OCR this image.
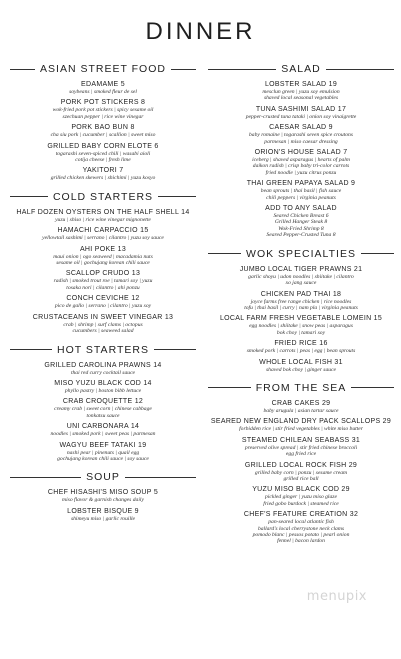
DINNER
ASIAN STREET FOOD
EDAMAME 5
soybeans | smoked fleur de sel
PORK POT STICKERS 8
wok-fried pork pot stickers | spicy sesame oil
szechuan pepper | rice wine vinegar
PORK BAO BUN 8
cha siu pork | cucumber | scallion | sweet miso
GRILLED BABY CORN ELOTE 6
togarashi seven-spiced chili | wasabi aioli
cotija cheese | fresh lime
YAKITORI 7
grilled chicken skewers | shichimi | yuzu kosyo
COLD STARTERS
HALF DOZEN OYSTERS ON THE HALF SHELL 14
yuzu | shiso | rice wine vinegar mignonette
HAMACHI CARPACCIO 15
yellowtail sashimi | serrano | cilantro | yuzu soy sauce
AHI POKE 13
maui onion | ogo seaweed | macadamia nuts
sesame oil | gochujang korean chili sauce
SCALLOP CRUDO 13
radish | smoked trout roe | tamari soy | yuzu
tosaka nori | cilantro | ahi ponzu
CONCH CEVICHE 12
pico de gallo | serrano | cilantro | yuzu soy
CRUSTACEANS IN SWEET VINEGAR 13
crab | shrimp | surf clams | octopus
cucumbers | seaweed salad
HOT STARTERS
GRILLED CAROLINA PRAWNS 14
thai red curry cocktail sauce
MISO YUZU BLACK COD 14
phyllo pastry | boston bibb lettuce
CRAB CROQUETTE 12
creamy crab | sweet corn | chinese cabbage
tonkatsu sauce
UNI CARBONARA 14
noodles | smoked pork | sweet peas | parmesan
WAGYU BEEF TATAKI 19
nashi pear | pinenuts | quail egg
gochujang korean chili sauce | soy sauce
SOUP
CHEF HISASHI'S MISO SOUP 5
miso flavor & garnish changes daily
LOBSTER BISQUE 9
shimeyu miso | garlic rouille
SALAD
LOBSTER SALAD 19
mesclun green | yuzu soy emulsion
shaved local seasonal vegetables
TUNA SASHIMI SALAD 17
pepper-crusted tuna tataki | onion soy vinaigrette
CAESAR SALAD 9
baby romaine | togarashi seven spice croutons
parmesan | miso caesar dressing
ORION'S HOUSE SALAD 7
iceberg | shaved asparagus | hearts of palm
daikon radish | crisp baby tri-color carrots
fried noodle | yuzu citrus ponzu
THAI GREEN PAPAYA SALAD 9
bean sprouts | thai basil | fish sauce
chili peppers | virginia peanuts
ADD TO ANY SALAD
Seared Chicken Breast 6
Grilled Hanger Steak 8
Wok-Fried Shrimp 8
Seared Pepper-Crusted Tuna 8
WOK SPECIALTIES
JUMBO LOCAL TIGER PRAWNS 21
garlic shoyu | udon noodles | shiitake | cilantro
xo jang sauce
CHICKEN PAD THAI 18
joyce farms free range chicken | rice noodles
tofu | thai basil | curry | nam pla | virginia peanuts
LOCAL FARM FRESH VEGETABLE LOMEIN 15
egg noodles | shiitake | snow peas | asparagus
bok choy | tamari soy
FRIED RICE 16
smoked pork | carrots | peas | egg | bean sprouts
WHOLE LOCAL FISH 31
shaved bok choy | ginger sauce
FROM THE SEA
CRAB CAKES 29
baby arugula | asian tartar sauce
SEARED NEW ENGLAND DRY PACK SCALLOPS 29
forbidden rice | stir fried vegetables | white miso butter
STEAMED CHILEAN SEABASS 31
preserved olive spread | stir fried chinese broccoli
egg fried rice
GRILLED LOCAL ROCK FISH 29
grilled baby corn | ponzu | sesame cream
grilled rice ball
YUZU MISO BLACK COD 29
pickled ginger | yuzu miso glaze
fried gobo burdock | steamed rice
CHEF'S FEATURE CREATION 32
pan-seared local atlantic fish
ballard's local cherrystone neck clams
pomodo blanc | pessos potato | pearl onion
fennel | bacon lardon
menupix
